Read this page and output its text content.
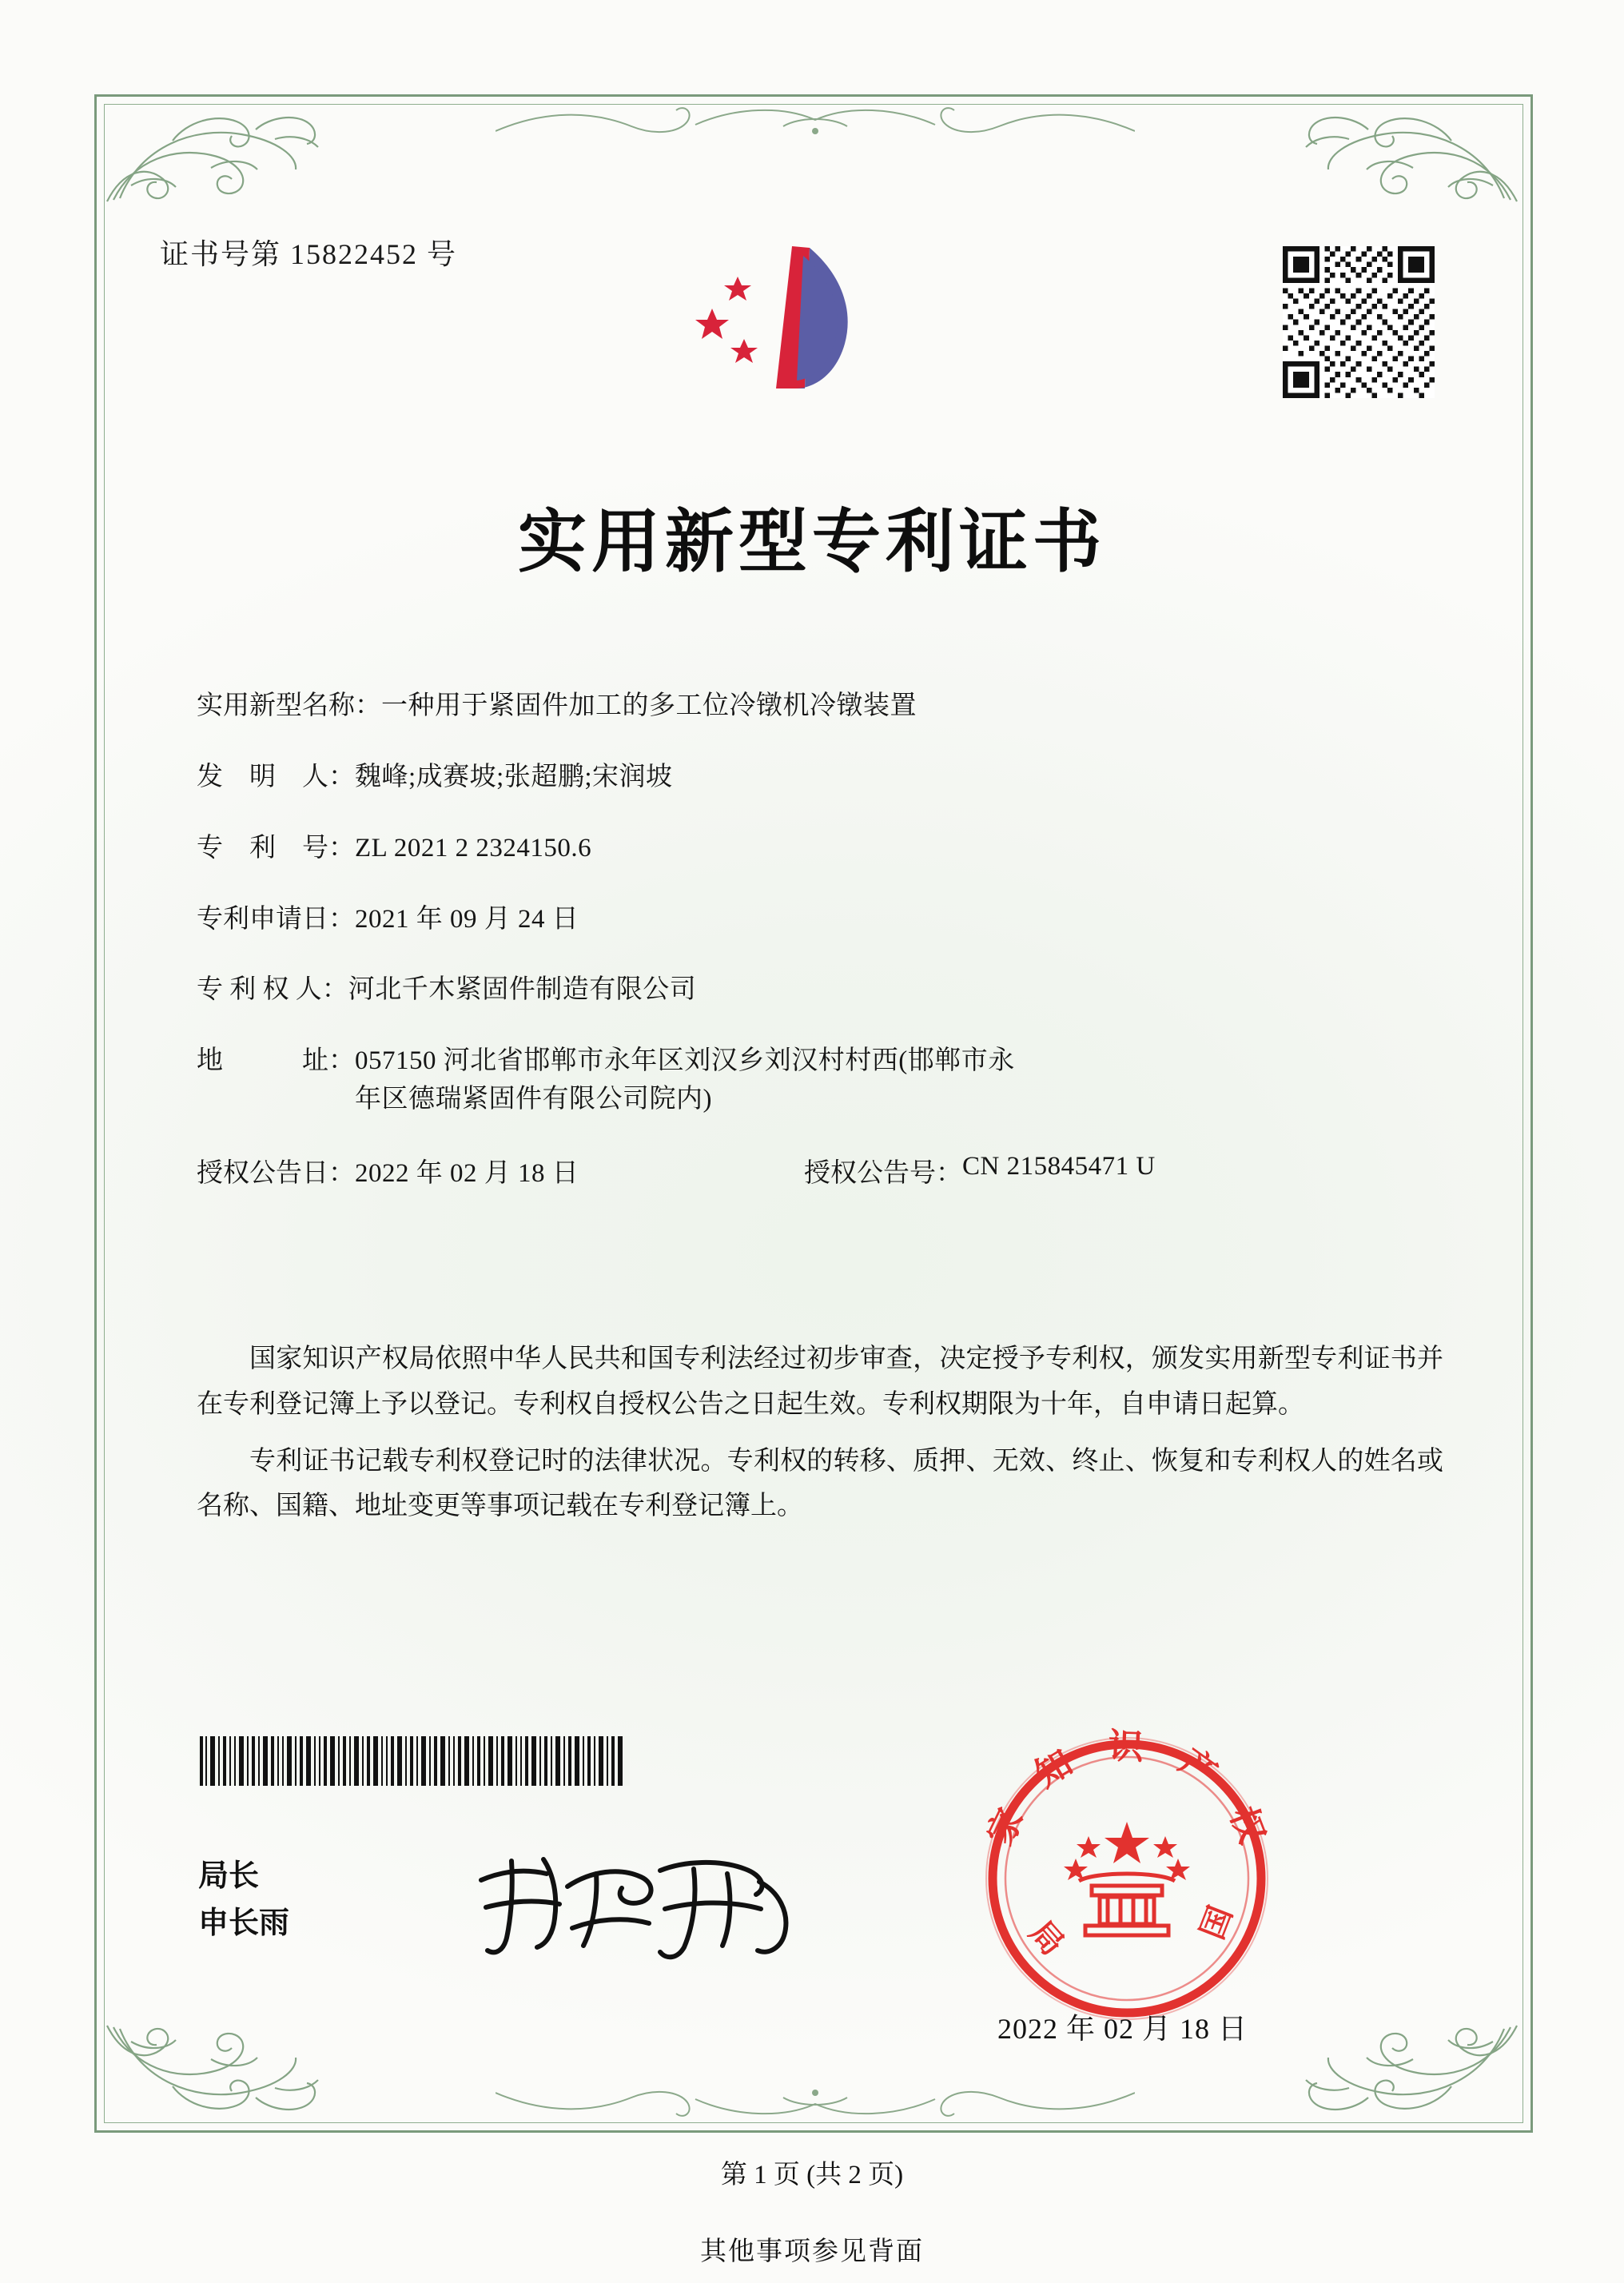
证书号第 15822452 号
实用新型专利证书
实用新型名称： 一种用于紧固件加工的多工位冷镦机冷镦装置
发　明　人： 魏峰;成赛坡;张超鹏;宋润坡
专　利　号： ZL 2021 2 2324150.6
专利申请日： 2021 年 09 月 24 日
专 利 权 人： 河北千木紧固件制造有限公司
地　　　址： 057150 河北省邯郸市永年区刘汉乡刘汉村村西(邯郸市永
年区德瑞紧固件有限公司院内)
授权公告日： 2022 年 02 月 18 日	授权公告号： CN 215845471 U

国家知识产权局依照中华人民共和国专利法经过初步审查，决定授予专利权，颁发实用新型专利证书并在专利登记簿上予以登记。专利权自授权公告之日起生效。专利权期限为十年，自申请日起算。

专利证书记载专利权登记时的法律状况。专利权的转移、质押、无效、终止、恢复和专利权人的姓名或名称、国籍、地址变更等事项记载在专利登记簿上。

局长
申长雨
家 知 识 产 权
局 　 　 国
2022 年 02 月 18 日
第 1 页 (共 2 页)
其他事项参见背面
